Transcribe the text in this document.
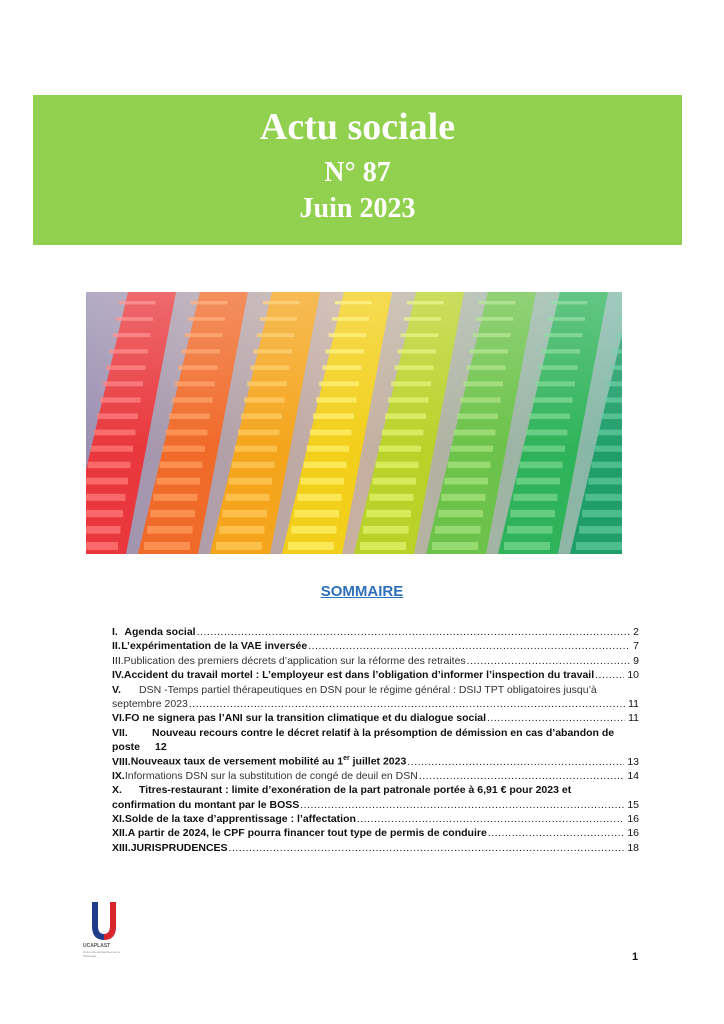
Actu sociale
N° 87
Juin 2023
SOMMAIRE
I. Agenda social .....	2
II. L’expérimentation de la VAE inversée .....	7
III. Publication des premiers décrets d’application sur la réforme des retraites .....	9
IV. Accident du travail mortel : L’employeur est dans l’obligation d’informer l’inspection du travail .....	10
V.	DSN -Temps partiel thérapeutiques en DSN pour le régime général : DSIJ TPT obligatoires jusqu’à
septembre 2023 .....	11
VI. FO ne signera pas l’ANI sur la transition climatique et du dialogue social .....	11
VII.	Nouveau recours contre le décret relatif à la présomption de démission en cas d’abandon de
poste	12
VIII. Nouveaux taux de versement mobilité au 1er juillet 2023 .....	13
IX. Informations DSN sur la substitution de congé de deuil en DSN .....	14
X.	Titres-restaurant : limite d’exonération de la part patronale portée à 6,91 € pour 2023 et
confirmation du montant par le BOSS .....	15
XI. Solde de la taxe d’apprentissage : l’affectation .....	16
XII. A partir de 2024, le CPF pourra financer tout type de permis de conduire .....	16
XIII. JURISPRUDENCES .....	18
UCAPLAST
Union des Entreprises de la Plasturgie	1
